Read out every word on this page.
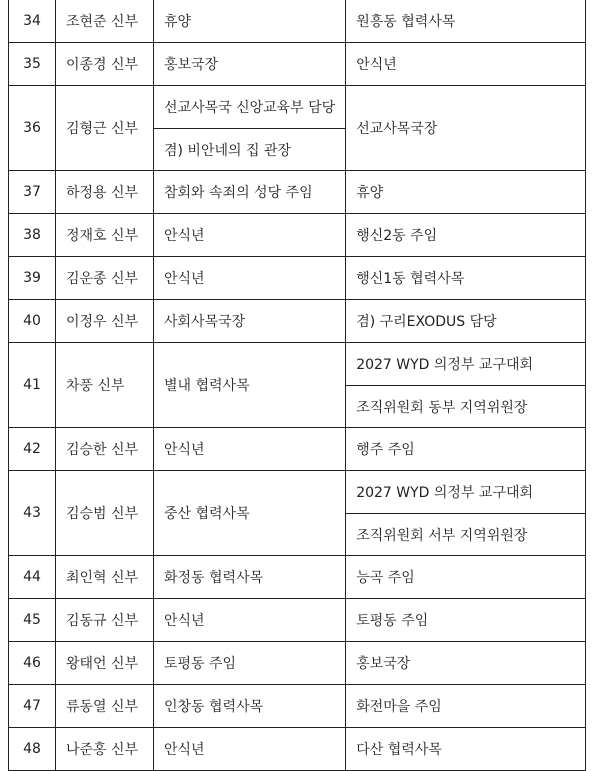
34	조현준 신부	휴양	원흥동 협력사목
35	이종경 신부	홍보국장	안식년
36	김형근 신부	선교사목국 신앙교육부 담당	선교사목국장
		겸) 비안네의 집 관장	
37	하정용 신부	참회와 속죄의 성당 주임	휴양
38	정재호 신부	안식년	행신2동 주임
39	김운종 신부	안식년	행신1동 협력사목
40	이정우 신부	사회사목국장	겸) 구리EXODUS 담당
41	차풍 신부	별내 협력사목	2027 WYD 의정부 교구대회
			조직위원회 동부 지역위원장
42	김승한 신부	안식년	행주 주임
43	김승범 신부	중산 협력사목	2027 WYD 의정부 교구대회
			조직위원회 서부 지역위원장
44	최인혁 신부	화정동 협력사목	능곡 주임
45	김동규 신부	안식년	토평동 주임
46	왕태언 신부	토평동 주임	홍보국장
47	류동열 신부	인창동 협력사목	화전마을 주임
48	나준홍 신부	안식년	다산 협력사목
